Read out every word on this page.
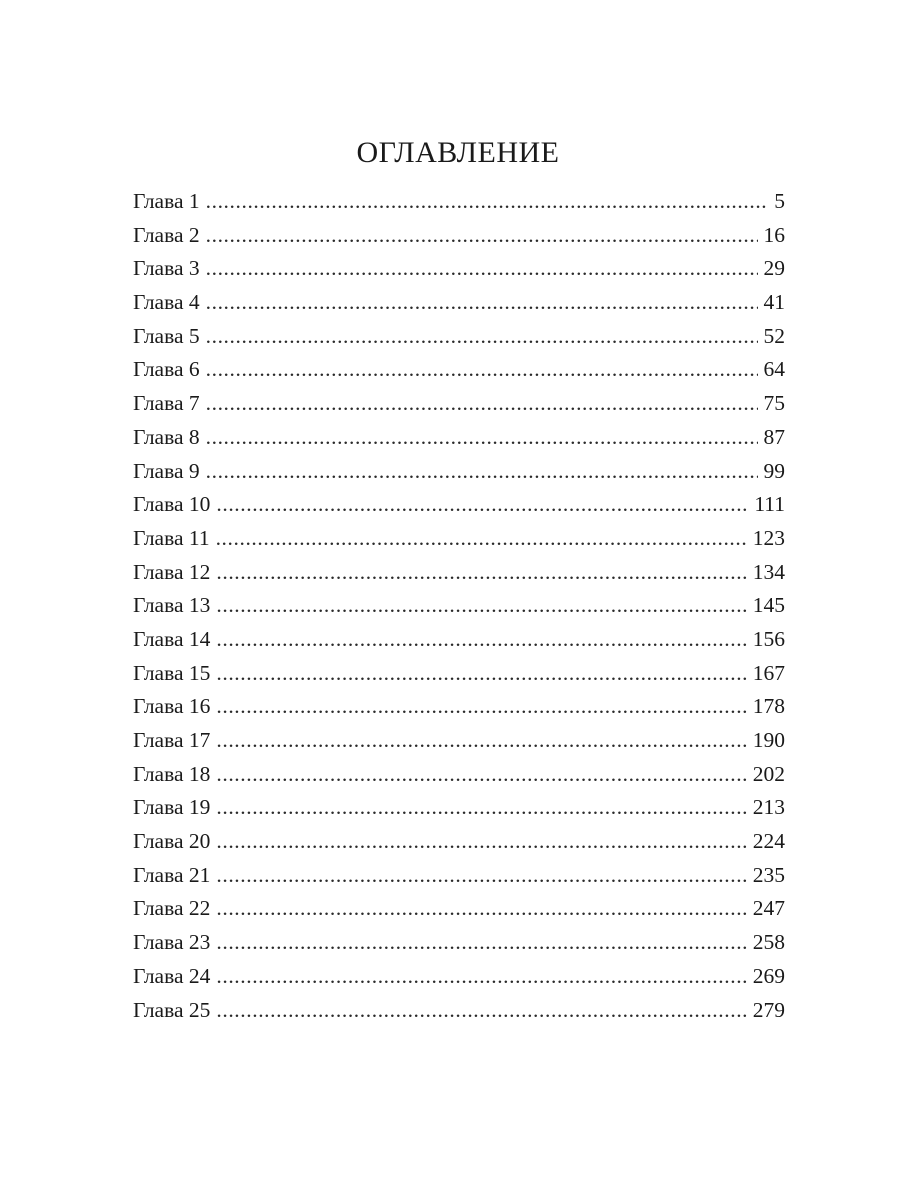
ОГЛАВЛЕНИЕ
Глава 1 .....	5
Глава 2 .....	16
Глава 3 .....	29
Глава 4 .....	41
Глава 5 .....	52
Глава 6 .....	64
Глава 7 .....	75
Глава 8 .....	87
Глава 9 .....	99
Глава 10 .....	111
Глава 11 .....	123
Глава 12 .....	134
Глава 13 .....	145
Глава 14 .....	156
Глава 15 .....	167
Глава 16 .....	178
Глава 17 .....	190
Глава 18 .....	202
Глава 19 .....	213
Глава 20 .....	224
Глава 21 .....	235
Глава 22 .....	247
Глава 23 .....	258
Глава 24 .....	269
Глава 25 .....	279
